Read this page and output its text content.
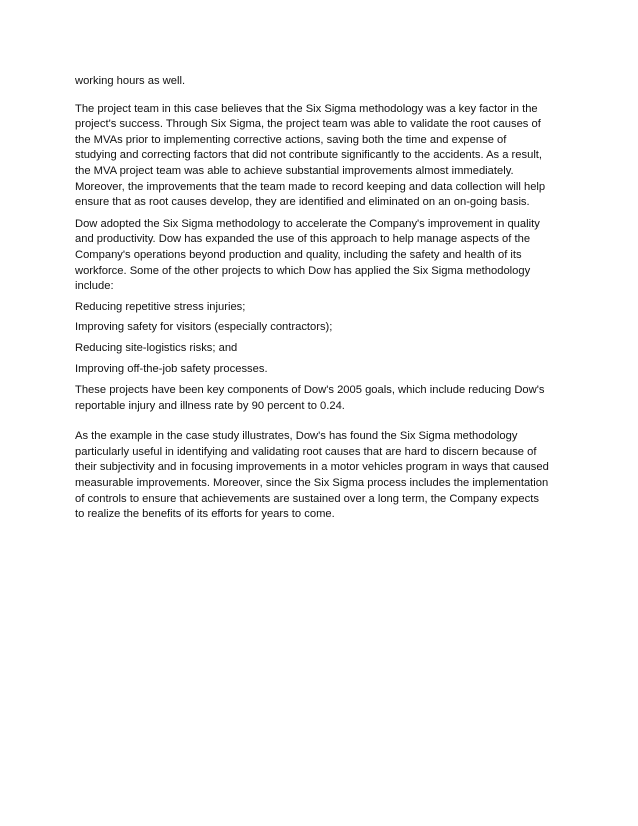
working hours as well.

The project team in this case believes that the Six Sigma methodology was a key factor in the
project's success. Through Six Sigma, the project team was able to validate the root causes of
the MVAs prior to implementing corrective actions, saving both the time and expense of
studying and correcting factors that did not contribute significantly to the accidents. As a result,
the MVA project team was able to achieve substantial improvements almost immediately.
Moreover, the improvements that the team made to record keeping and data collection will help
ensure that as root causes develop, they are identified and eliminated on an on-going basis.

Dow adopted the Six Sigma methodology to accelerate the Company's improvement in quality
and productivity. Dow has expanded the use of this approach to help manage aspects of the
Company's operations beyond production and quality, including the safety and health of its
workforce. Some of the other projects to which Dow has applied the Six Sigma methodology
include:

Reducing repetitive stress injuries;

Improving safety for visitors (especially contractors);

Reducing site-logistics risks; and

Improving off-the-job safety processes.

These projects have been key components of Dow's 2005 goals, which include reducing Dow's
reportable injury and illness rate by 90 percent to 0.24.

As the example in the case study illustrates, Dow's has found the Six Sigma methodology
particularly useful in identifying and validating root causes that are hard to discern because of
their subjectivity and in focusing improvements in a motor vehicles program in ways that caused
measurable improvements. Moreover, since the Six Sigma process includes the implementation
of controls to ensure that achievements are sustained over a long term, the Company expects
to realize the benefits of its efforts for years to come.
